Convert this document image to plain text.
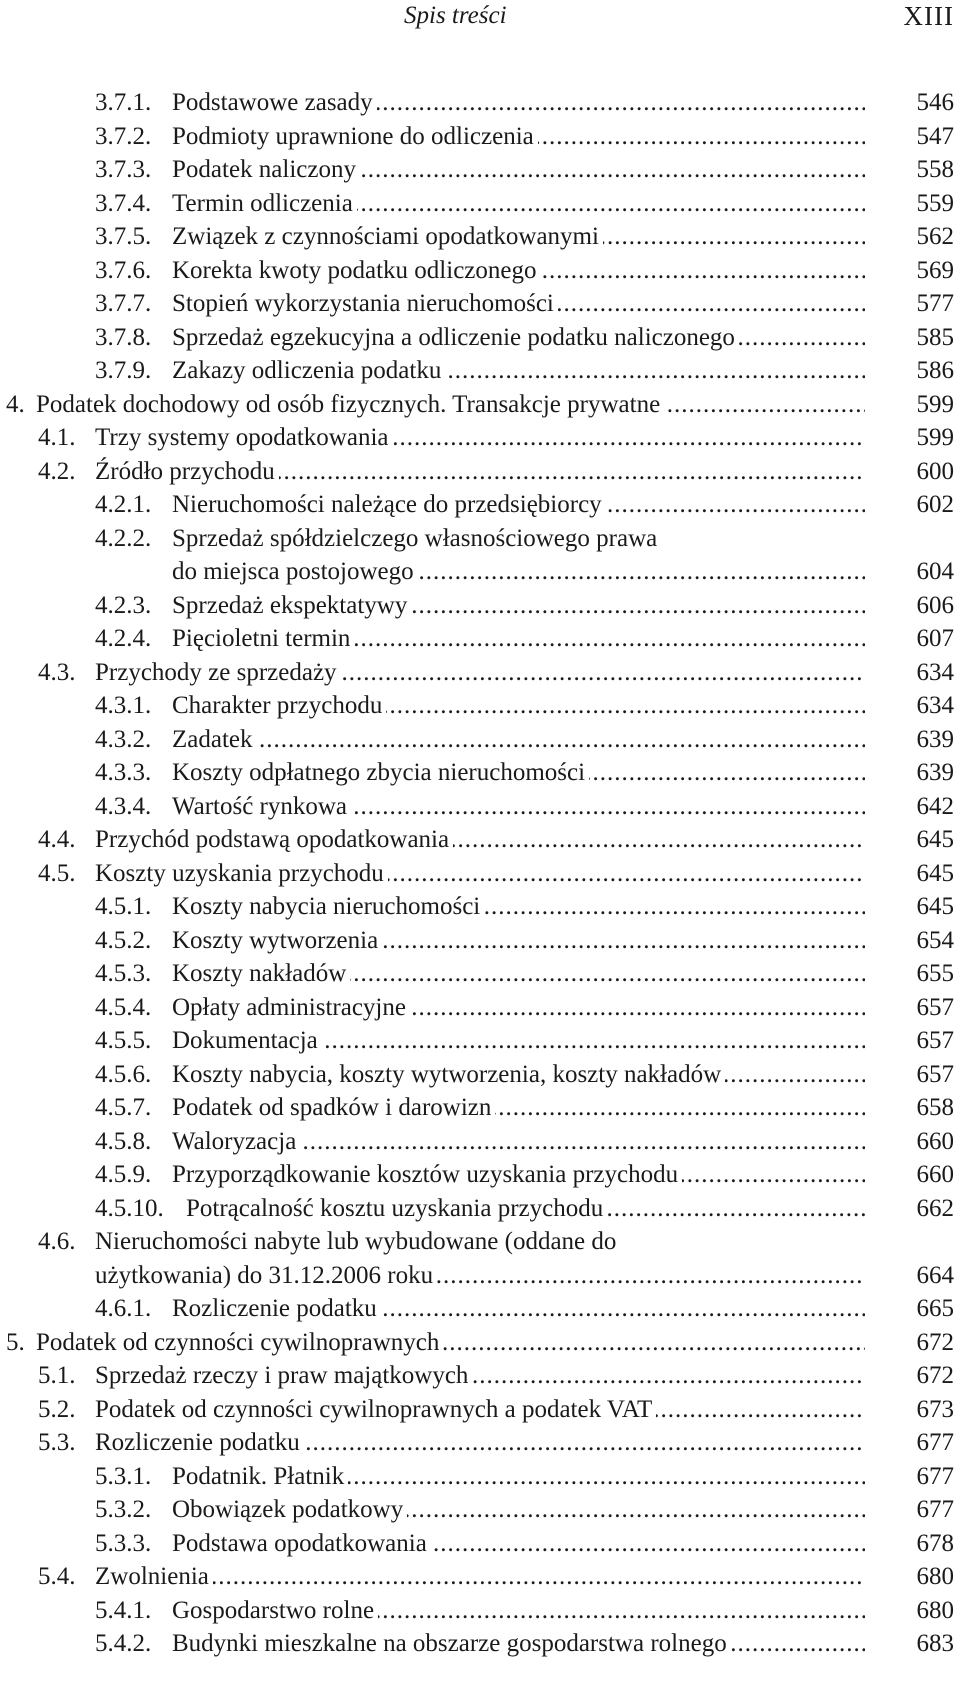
Spis treści	XIII
3.7.1. Podstawowe zasady .....	546
3.7.2. Podmioty uprawnione do odliczenia .....	547
3.7.3. Podatek naliczony .....	558
3.7.4. Termin odliczenia .....	559
3.7.5. Związek z czynnościami opodatkowanymi .....	562
3.7.6. Korekta kwoty podatku odliczonego .....	569
3.7.7. Stopień wykorzystania nieruchomości .....	577
3.7.8. Sprzedaż egzekucyjna a odliczenie podatku naliczonego .....	585
3.7.9. Zakazy odliczenia podatku .....	586
4. Podatek dochodowy od osób fizycznych. Transakcje prywatne .....	599
4.1. Trzy systemy opodatkowania .....	599
4.2. Źródło przychodu .....	600
4.2.1. Nieruchomości należące do przedsiębiorcy .....	602
4.2.2. Sprzedaż spółdzielczego własnościowego prawa
do miejsca postojowego .....	604
4.2.3. Sprzedaż ekspektatywy .....	606
4.2.4. Pięcioletni termin .....	607
4.3. Przychody ze sprzedaży .....	634
4.3.1. Charakter przychodu .....	634
4.3.2. Zadatek .....	639
4.3.3. Koszty odpłatnego zbycia nieruchomości .....	639
4.3.4. Wartość rynkowa .....	642
4.4. Przychód podstawą opodatkowania .....	645
4.5. Koszty uzyskania przychodu .....	645
4.5.1. Koszty nabycia nieruchomości .....	645
4.5.2. Koszty wytworzenia .....	654
4.5.3. Koszty nakładów .....	655
4.5.4. Opłaty administracyjne .....	657
4.5.5. Dokumentacja .....	657
4.5.6. Koszty nabycia, koszty wytworzenia, koszty nakładów .....	657
4.5.7. Podatek od spadków i darowizn .....	658
4.5.8. Waloryzacja .....	660
4.5.9. Przyporządkowanie kosztów uzyskania przychodu .....	660
4.5.10. Potrącalność kosztu uzyskania przychodu .....	662
4.6. Nieruchomości nabyte lub wybudowane (oddane do
użytkowania) do 31.12.2006 roku .....	664
4.6.1. Rozliczenie podatku .....	665
5. Podatek od czynności cywilnoprawnych .....	672
5.1. Sprzedaż rzeczy i praw majątkowych .....	672
5.2. Podatek od czynności cywilnoprawnych a podatek VAT .....	673
5.3. Rozliczenie podatku .....	677
5.3.1. Podatnik. Płatnik .....	677
5.3.2. Obowiązek podatkowy .....	677
5.3.3. Podstawa opodatkowania .....	678
5.4. Zwolnienia .....	680
5.4.1. Gospodarstwo rolne .....	680
5.4.2. Budynki mieszkalne na obszarze gospodarstwa rolnego .....	683
